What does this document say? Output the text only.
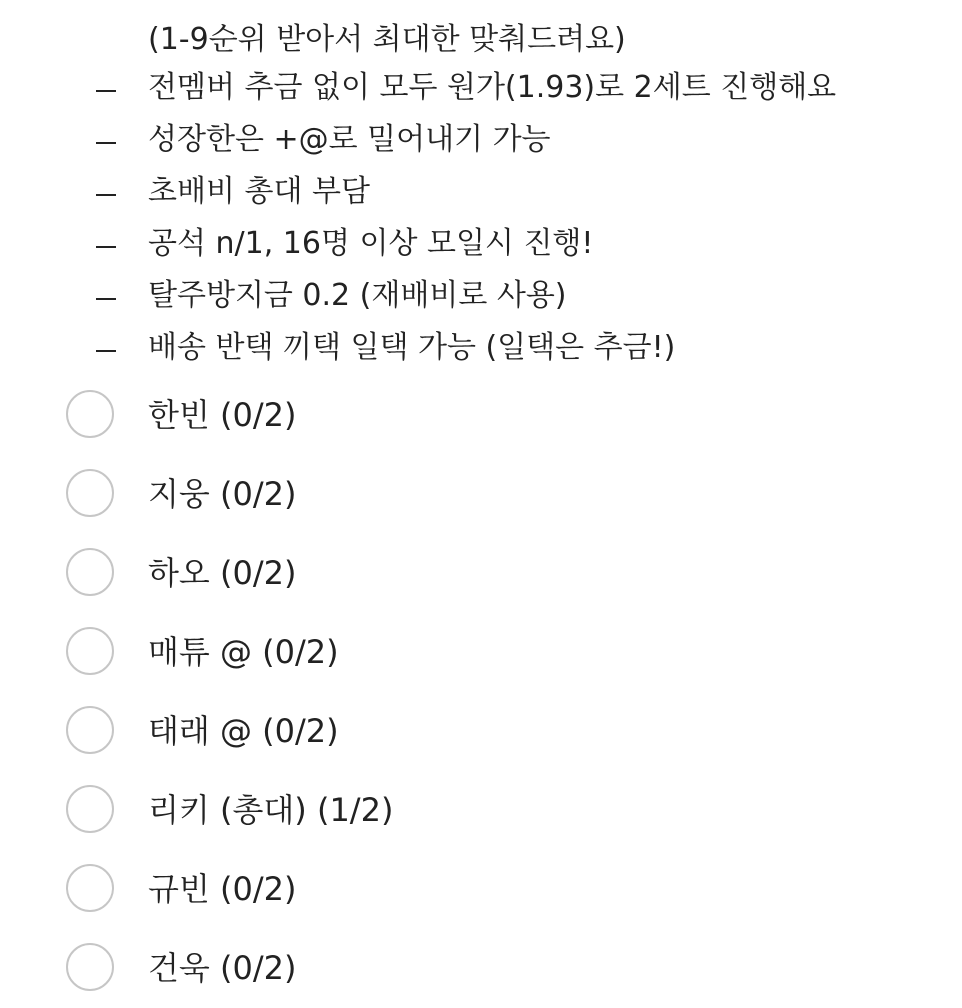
(1-9순위 받아서 최대한 맞춰드려요)
전멤버 추금 없이 모두 원가(1.93)로 2세트 진행해요
성장한은 +@로 밀어내기 가능
초배비 총대 부담
공석 n/1, 16명 이상 모일시 진행!
탈주방지금 0.2 (재배비로 사용)
배송 반택 끼택 일택 가능 (일택은 추금!)
한빈 (0/2)
지웅 (0/2)
하오 (0/2)
매튜 @ (0/2)
태래 @ (0/2)
리키 (총대) (1/2)
규빈 (0/2)
건욱 (0/2)
